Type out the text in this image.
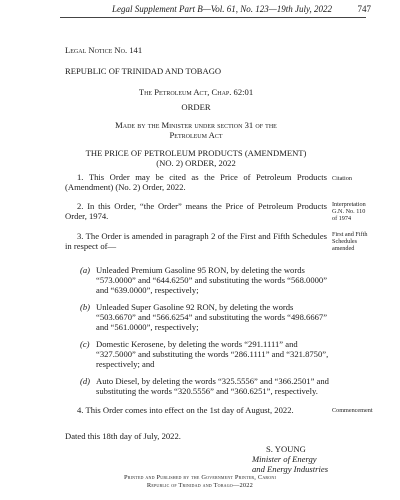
Legal Supplement Part B—Vol. 61, No. 123—19th July, 2022	747
Legal Notice No. 141
REPUBLIC OF TRINIDAD AND TOBAGO
The Petroleum Act, Chap. 62:01
ORDER
Made by the Minister under section 31 of the
Petroleum Act
THE PRICE OF PETROLEUM PRODUCTS (AMENDMENT)
(NO. 2) ORDER, 2022

1. This Order may be cited as the Price of Petroleum Products (Amendment) (No. 2) Order, 2022.

Citation

2. In this Order, “the Order” means the Price of Petroleum Products Order, 1974.

Interpretation
G.N. No. 110
of 1974

3. The Order is amended in paragraph 2 of the First and Fifth Schedules in respect of—

First and Fifth
Schedules
amended
(a) Unleaded Premium Gasoline 95 RON, by deleting the words “573.0000” and “644.6250” and substituting the words “568.0000” and “639.0000”, respectively;
(b) Unleaded Super Gasoline 92 RON, by deleting the words “503.6670” and “566.6254” and substituting the words “498.6667” and “561.0000”, respectively;
(c) Domestic Kerosene, by deleting the words “291.1111” and “327.5000” and substituting the words “286.1111” and “321.8750”, respectively; and
(d) Auto Diesel, by deleting the words “325.5556” and “366.2501” and substituting the words “320.5556” and “360.6251”, respectively.

4. This Order comes into effect on the 1st day of August, 2022.	Commencement
Dated this 18th day of July, 2022.
S. YOUNG
Minister of Energy
and Energy Industries
Printed and Published by the Government Printer, Caroni
Republic of Trinidad and Tobago—2022
